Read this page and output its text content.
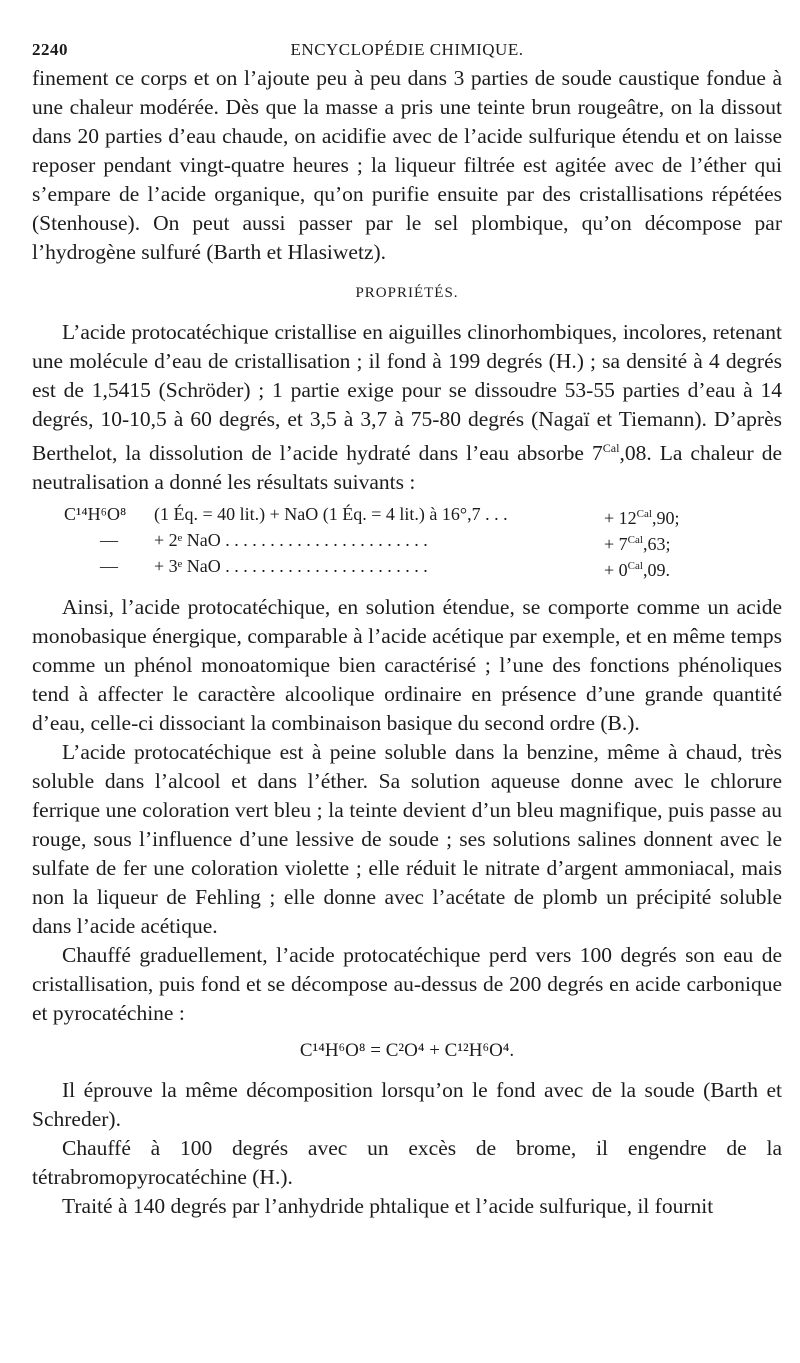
2240	ENCYCLOPÉDIE CHIMIQUE.

finement ce corps et on l’ajoute peu à peu dans 3 parties de soude caustique fondue à une chaleur modérée. Dès que la masse a pris une teinte brun rougeâtre, on la dissout dans 20 parties d’eau chaude, on acidifie avec de l’acide sulfurique étendu et on laisse reposer pendant vingt-quatre heures ; la liqueur filtrée est agitée avec de l’éther qui s’empare de l’acide organique, qu’on purifie ensuite par des cristallisations répétées (Stenhouse). On peut aussi passer par le sel plombique, qu’on décompose par l’hydrogène sulfuré (Barth et Hlasiwetz).

PROPRIÉTÉS.

L’acide protocatéchique cristallise en aiguilles clinorhombiques, incolores, retenant une molécule d’eau de cristallisation ; il fond à 199 degrés (H.) ; sa densité à 4 degrés est de 1,5415 (Schröder) ; 1 partie exige pour se dissoudre 53-55 parties d’eau à 14 degrés, 10-10,5 à 60 degrés, et 3,5 à 3,7 à 75-80 degrés (Nagaï et Tiemann). D’après Berthelot, la dissolution de l’acide hydraté dans l’eau absorbe $7^{Cal},08$. La chaleur de neutralisation a donné les résultats suivants :

C¹⁴H⁶O⁸	(1 Éq. = 40 lit.) + NaO (1 Éq. = 4 lit.) à 16°,7 . . .	+ $12^{Cal},90$;
—	+ 2ᵉ NaO . . . . . . . . . . . . . . . . . . . . . . .	+ $7^{Cal},63$;
—	+ 3ᵉ NaO . . . . . . . . . . . . . . . . . . . . . . .	+ $0^{Cal},09$.

Ainsi, l’acide protocatéchique, en solution étendue, se comporte comme un acide monobasique énergique, comparable à l’acide acétique par exemple, et en même temps comme un phénol monoatomique bien caractérisé ; l’une des fonctions phénoliques tend à affecter le caractère alcoolique ordinaire en présence d’une grande quantité d’eau, celle-ci dissociant la combinaison basique du second ordre (B.).

L’acide protocatéchique est à peine soluble dans la benzine, même à chaud, très soluble dans l’alcool et dans l’éther. Sa solution aqueuse donne avec le chlorure ferrique une coloration vert bleu ; la teinte devient d’un bleu magnifique, puis passe au rouge, sous l’influence d’une lessive de soude ; ses solutions salines donnent avec le sulfate de fer une coloration violette ; elle réduit le nitrate d’argent ammoniacal, mais non la liqueur de Fehling ; elle donne avec l’acétate de plomb un précipité soluble dans l’acide acétique.

Chauffé graduellement, l’acide protocatéchique perd vers 100 degrés son eau de cristallisation, puis fond et se décompose au-dessus de 200 degrés en acide carbonique et pyrocatéchine :

C¹⁴H⁶O⁸ = C²O⁴ + C¹²H⁶O⁴.

Il éprouve la même décomposition lorsqu’on le fond avec de la soude (Barth et Schreder).

Chauffé à 100 degrés avec un excès de brome, il engendre de la tétrabromopyrocatéchine (H.).

Traité à 140 degrés par l’anhydride phtalique et l’acide sulfurique, il fournit
